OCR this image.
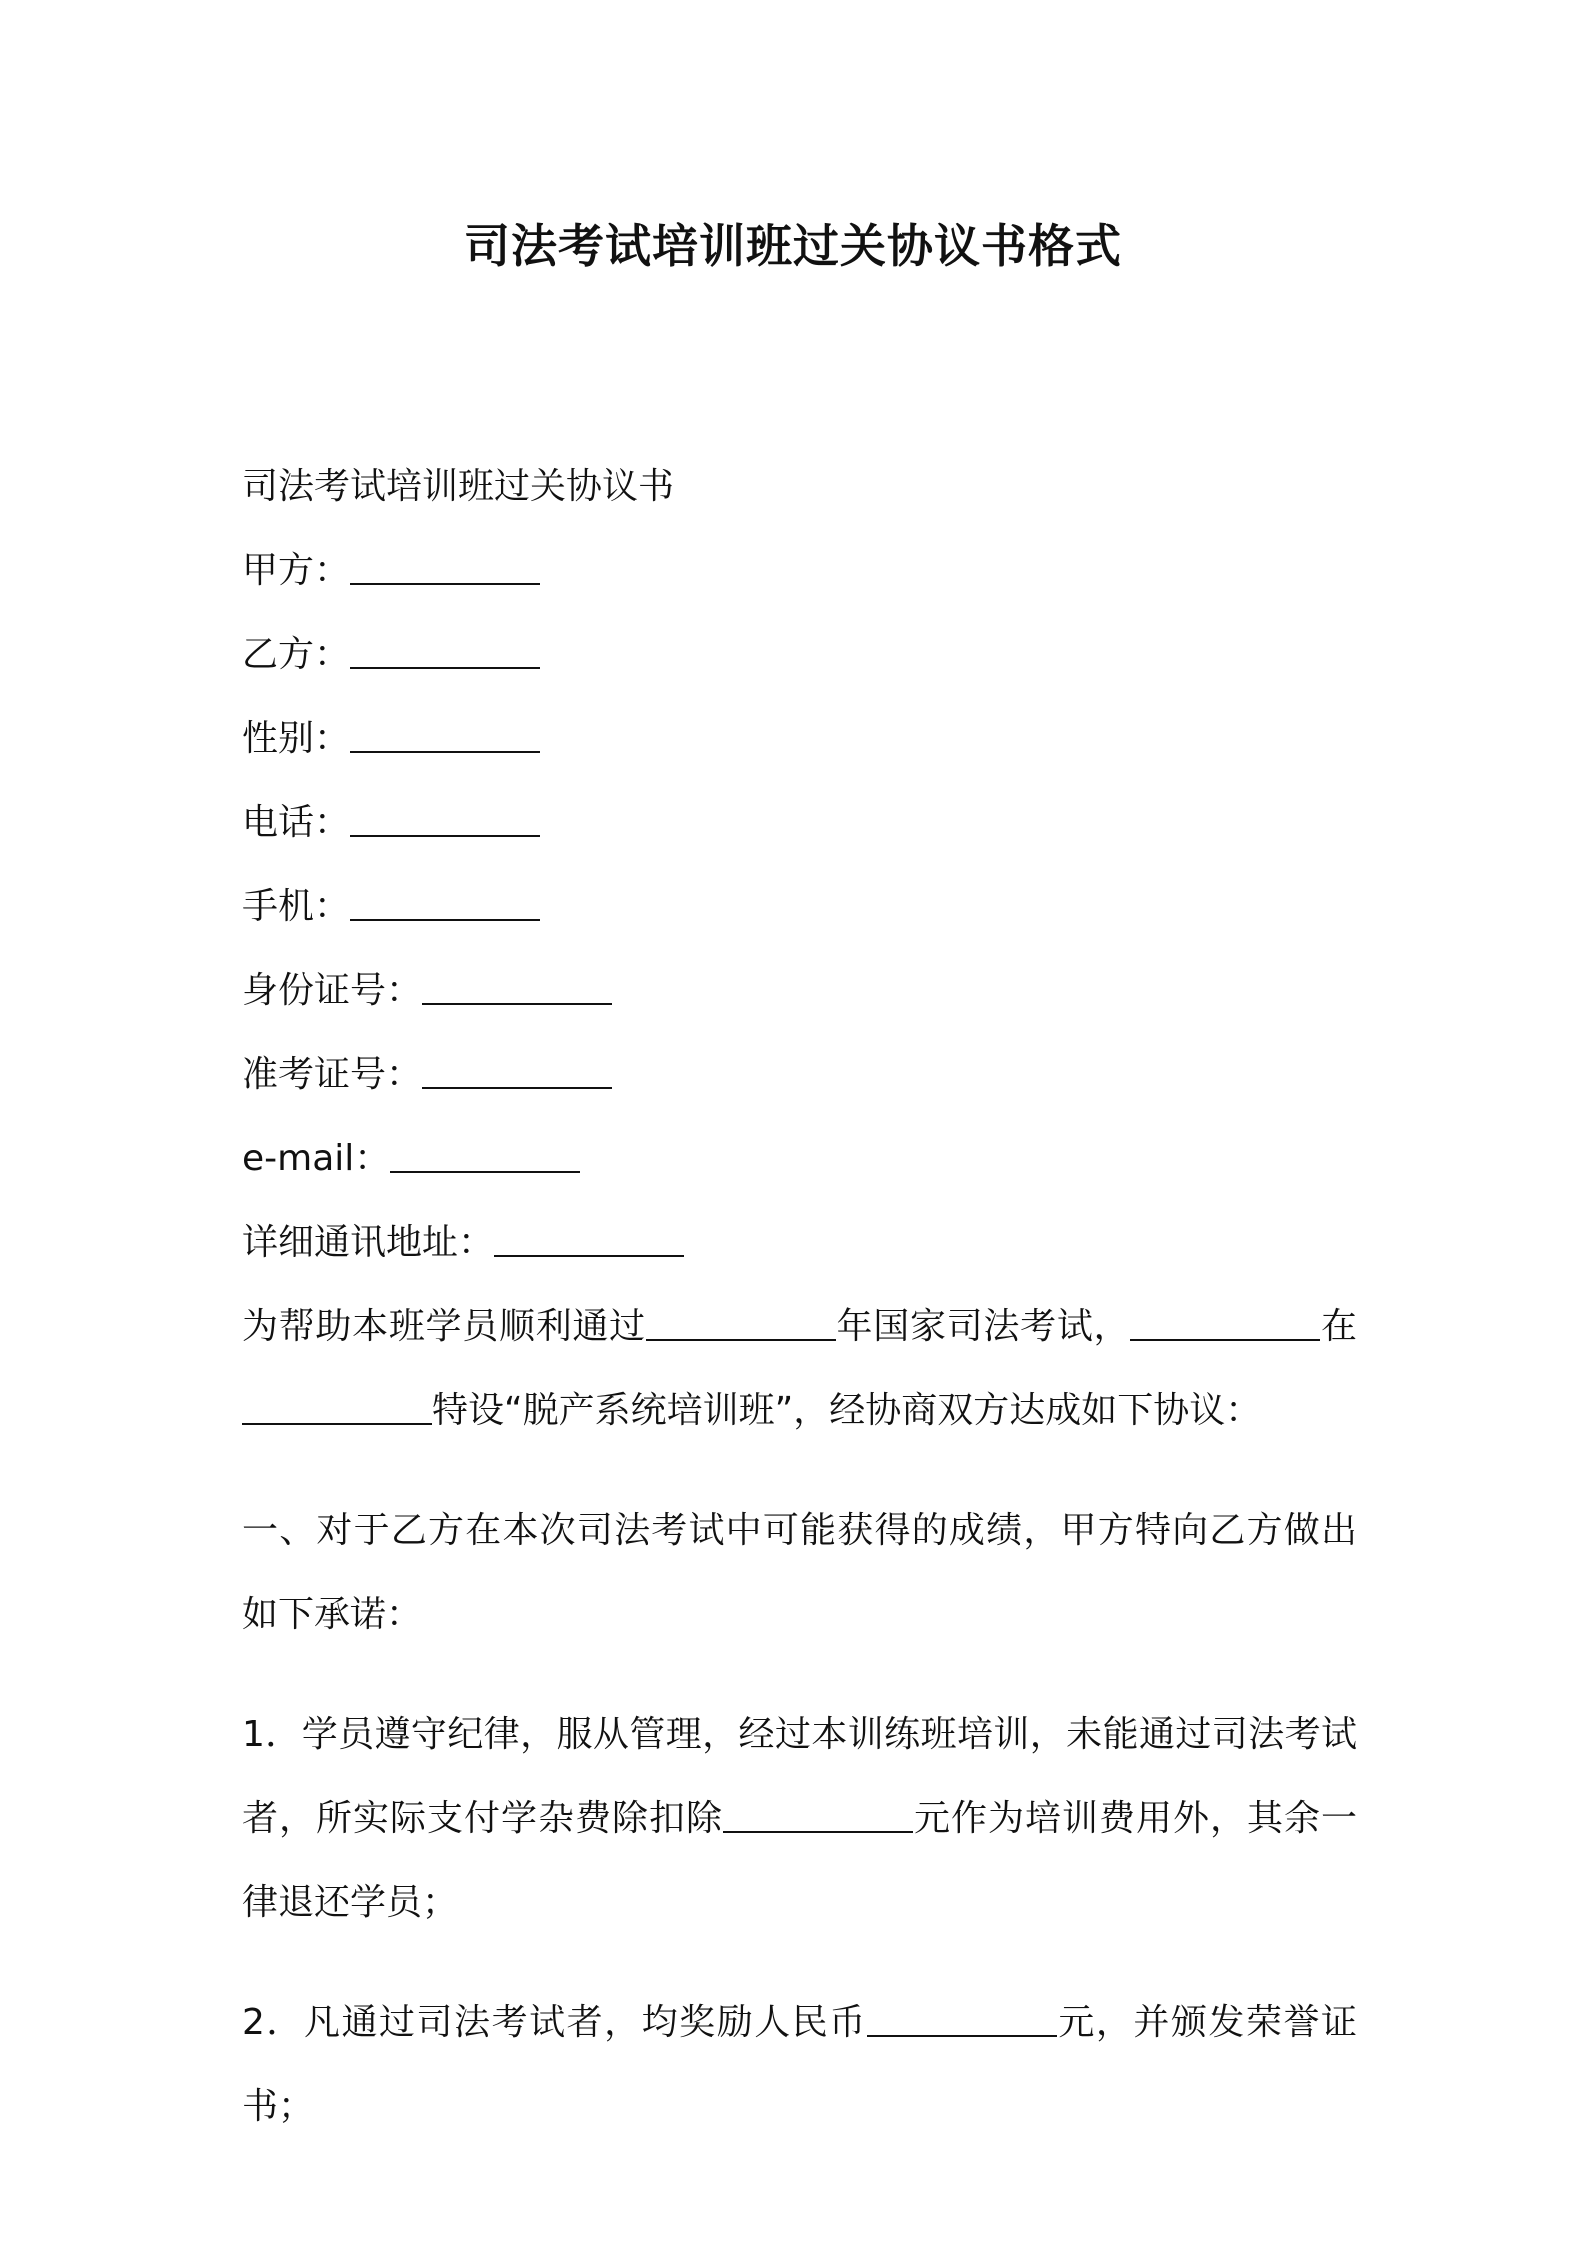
司法考试培训班过关协议书格式
司法考试培训班过关协议书
甲方：
乙方：
性别：
电话：
手机：
身份证号：
准考证号：
e-mail：
详细通讯地址：

为帮助本班学员顺利通过	年国家司法考试，	在特设“脱产系统培训班”，经协商双方达成如下协议：

一、对于乙方在本次司法考试中可能获得的成绩，甲方特向乙方做出如下承诺：

1．学员遵守纪律，服从管理，经过本训练班培训，未能通过司法考试者，所实际支付学杂费除扣除	元作为培训费用外，其余一律退还学员；

2．凡通过司法考试者，均奖励人民币	元，并颁发荣誉证书；
